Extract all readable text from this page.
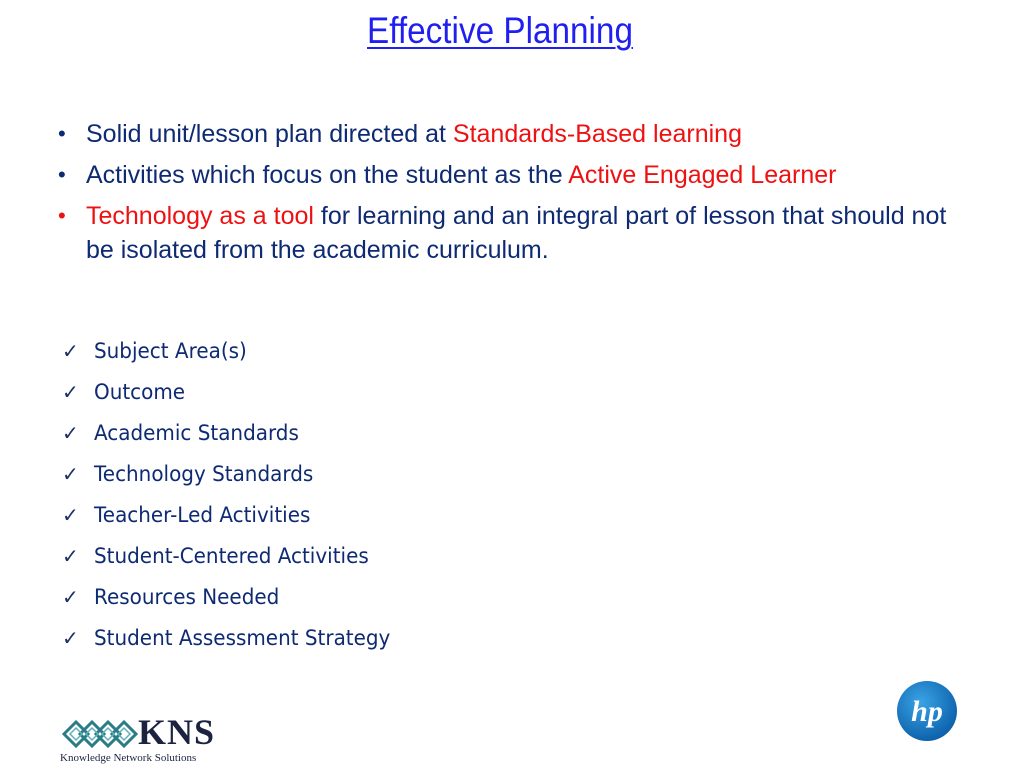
Effective Planning
• Solid unit/lesson plan directed at Standards-Based learning
• Activities which focus on the student as the Active Engaged Learner
• Technology as a tool for learning and an integral part of lesson that should not be isolated from the academic curriculum.
✓ Subject Area(s)
✓ Outcome
✓ Academic Standards
✓ Technology Standards
✓ Teacher-Led Activities
✓ Student-Centered Activities
✓ Resources Needed
✓ Student Assessment Strategy
KNS
Knowledge Network Solutions
hp
